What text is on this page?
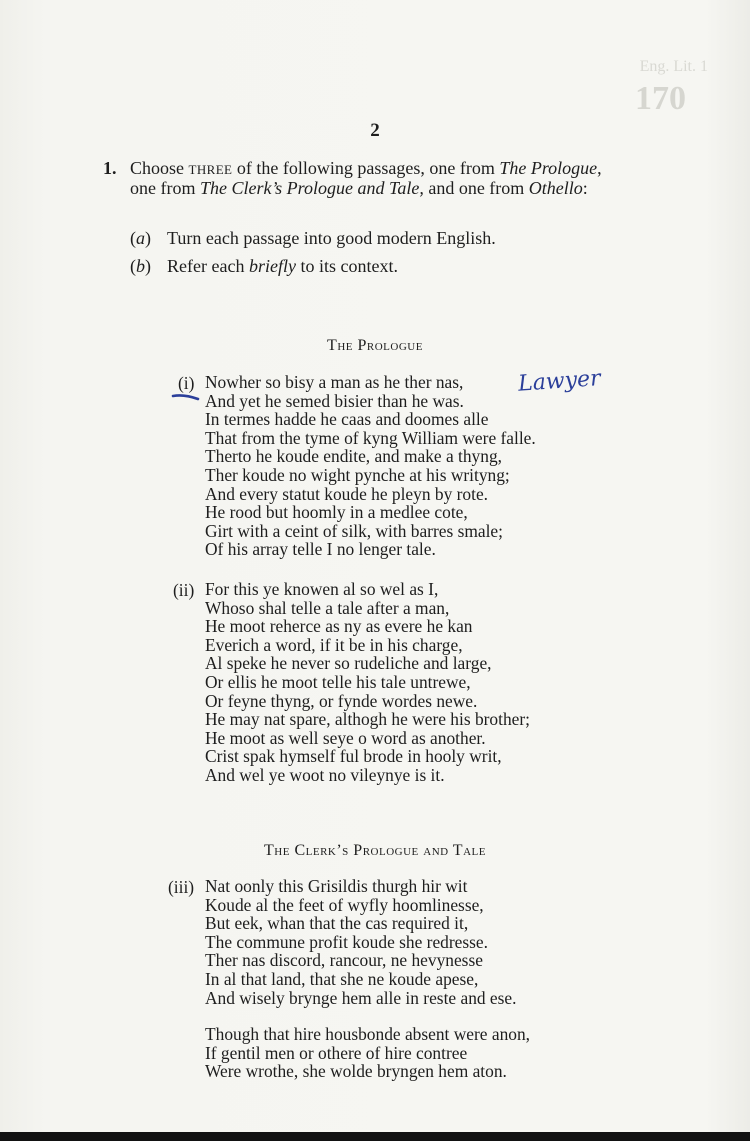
Eng. Lit. 1
170
2
1. Choose three of the following passages, one from The Prologue, one from The Clerk’s Prologue and Tale, and one from Othello:
(a) Turn each passage into good modern English.
(b) Refer each briefly to its context.
The Prologue
(i)	Lawyer
Nowher so bisy a man as he ther nas,
And yet he semed bisier than he was.
In termes hadde he caas and doomes alle
That from the tyme of kyng William were falle.
Therto he koude endite, and make a thyng,
Ther koude no wight pynche at his writyng;
And every statut koude he pleyn by rote.
He rood but hoomly in a medlee cote,
Girt with a ceint of silk, with barres smale;
Of his array telle I no lenger tale.
(ii) For this ye knowen al so wel as I,
Whoso shal telle a tale after a man,
He moot reherce as ny as evere he kan
Everich a word, if it be in his charge,
Al speke he never so rudeliche and large,
Or ellis he moot telle his tale untrewe,
Or feyne thyng, or fynde wordes newe.
He may nat spare, althogh he were his brother;
He moot as well seye o word as another.
Crist spak hymself ful brode in hooly writ,
And wel ye woot no vileynye is it.
The Clerk’s Prologue and Tale
(iii) Nat oonly this Grisildis thurgh hir wit
Koude al the feet of wyfly hoomlinesse,
But eek, whan that the cas required it,
The commune profit koude she redresse.
Ther nas discord, rancour, ne hevynesse
In al that land, that she ne koude apese,
And wisely brynge hem alle in reste and ese.
Though that hire housbonde absent were anon,
If gentil men or othere of hire contree
Were wrothe, she wolde bryngen hem aton.
